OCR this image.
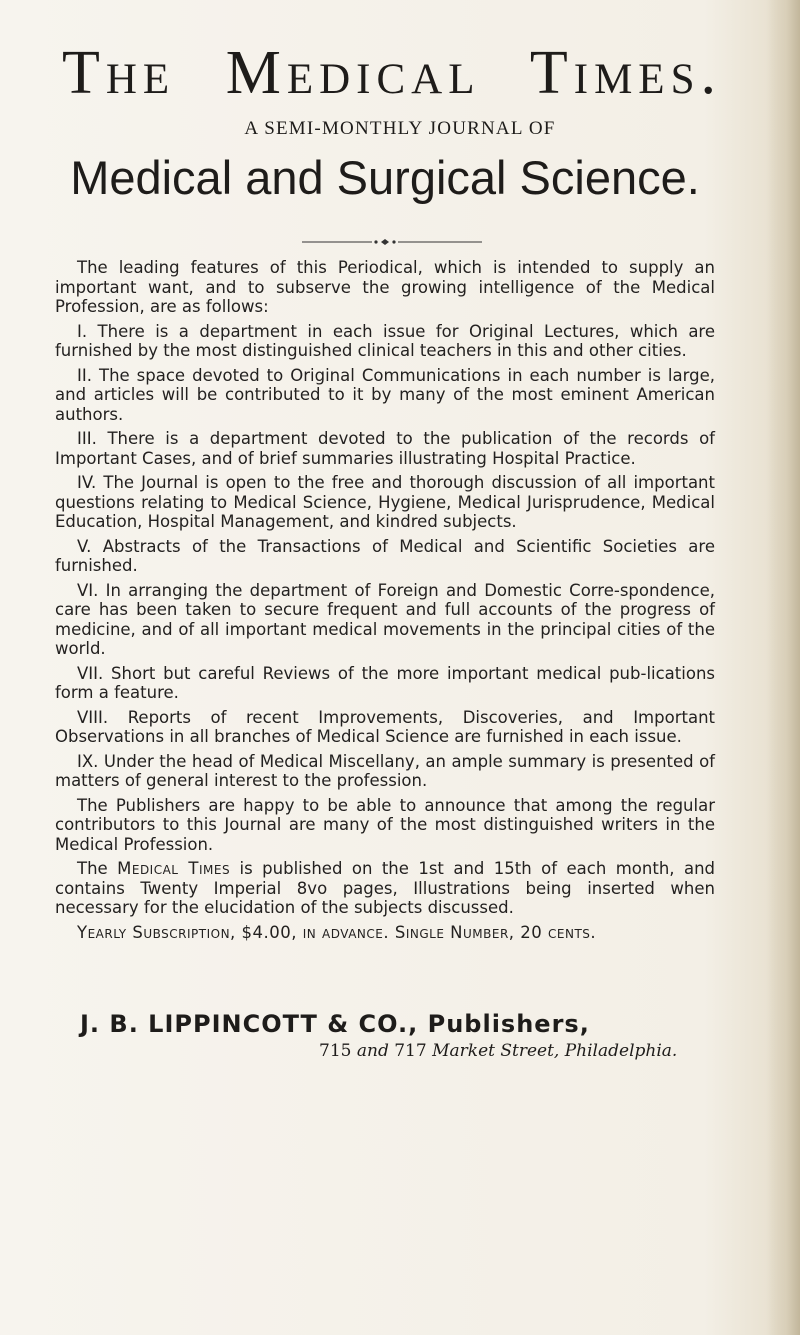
The Medical Times.
A SEMI-MONTHLY JOURNAL OF
Medical and Surgical Science.

The leading features of this Periodical, which is intended to supply an important want, and to subserve the growing intelligence of the Medical Profession, are as follows:

I. There is a department in each issue for Original Lectures, which are furnished by the most distinguished clinical teachers in this and other cities.

II. The space devoted to Original Communications in each number is large, and articles will be contributed to it by many of the most eminent American authors.

III. There is a department devoted to the publication of the records of Important Cases, and of brief summaries illustrating Hospital Practice.

IV. The Journal is open to the free and thorough discussion of all important questions relating to Medical Science, Hygiene, Medical Jurisprudence, Medical Education, Hospital Management, and kindred subjects.

V. Abstracts of the Transactions of Medical and Scientific Societies are furnished.

VI. In arranging the department of Foreign and Domestic Corre-spondence, care has been taken to secure frequent and full accounts of the progress of medicine, and of all important medical movements in the principal cities of the world.

VII. Short but careful Reviews of the more important medical pub-lications form a feature.

VIII. Reports of recent Improvements, Discoveries, and Important Observations in all branches of Medical Science are furnished in each issue.

IX. Under the head of Medical Miscellany, an ample summary is presented of matters of general interest to the profession.

The Publishers are happy to be able to announce that among the regular contributors to this Journal are many of the most distinguished writers in the Medical Profession.

The Medical Times is published on the 1st and 15th of each month, and contains Twenty Imperial 8vo pages, Illustrations being inserted when necessary for the elucidation of the subjects discussed.

Yearly Subscription, $4.00, in advance. Single Number, 20 cents.

J. B. LIPPINCOTT & CO., Publishers,
715 and 717 Market Street, Philadelphia.
